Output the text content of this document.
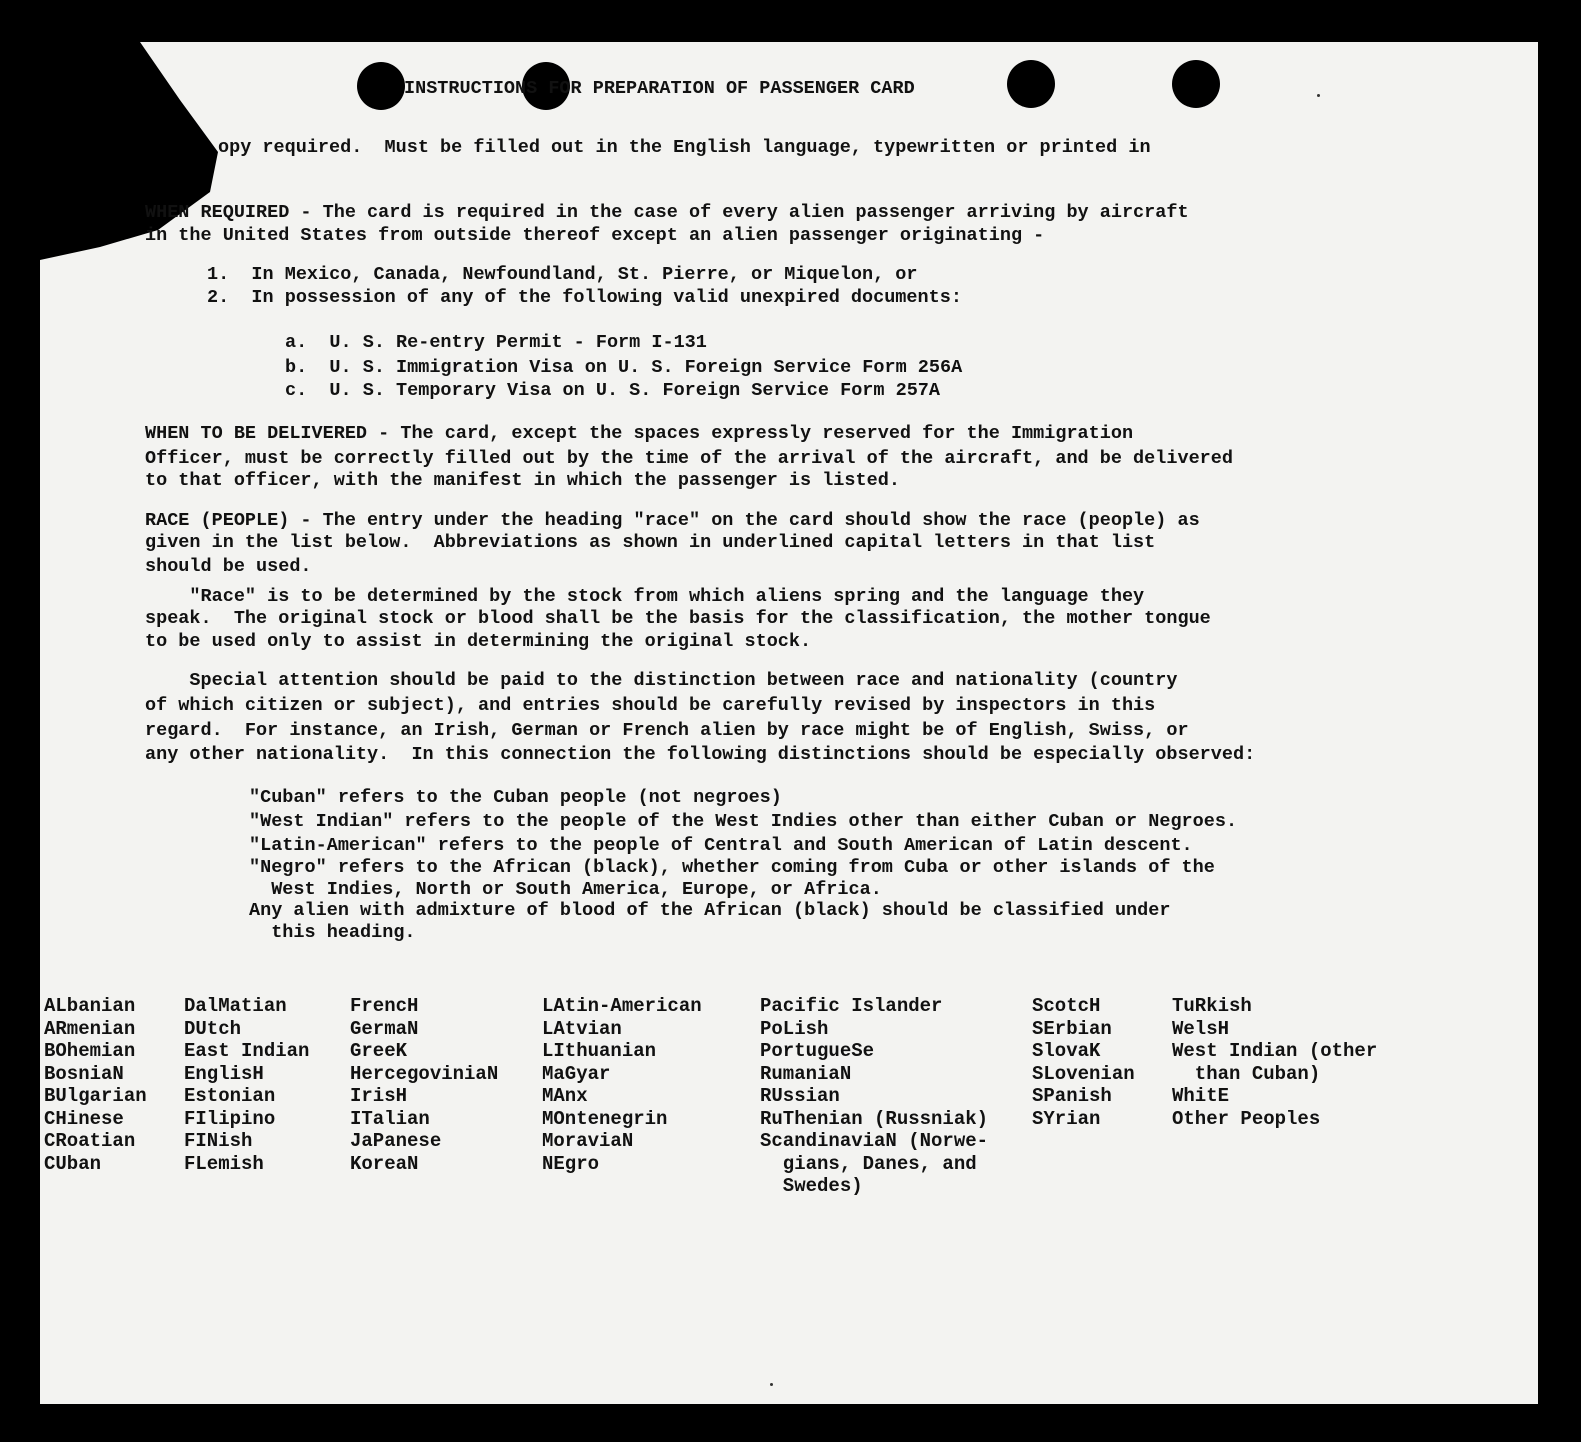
INSTRUCTIONS FOR PREPARATION OF PASSENGER CARD
opy required.  Must be filled out in the English language, typewritten or printed in
WHEN REQUIRED - The card is required in the case of every alien passenger arriving by aircraft
in the United States from outside thereof except an alien passenger originating -
1.  In Mexico, Canada, Newfoundland, St. Pierre, or Miquelon, or
2.  In possession of any of the following valid unexpired documents:
a.  U. S. Re-entry Permit - Form I-131
b.  U. S. Immigration Visa on U. S. Foreign Service Form 256A
c.  U. S. Temporary Visa on U. S. Foreign Service Form 257A
WHEN TO BE DELIVERED - The card, except the spaces expressly reserved for the Immigration
Officer, must be correctly filled out by the time of the arrival of the aircraft, and be delivered
to that officer, with the manifest in which the passenger is listed.
RACE (PEOPLE) - The entry under the heading "race" on the card should show the race (people) as
given in the list below.  Abbreviations as shown in underlined capital letters in that list
should be used.
"Race" is to be determined by the stock from which aliens spring and the language they
speak.  The original stock or blood shall be the basis for the classification, the mother tongue
to be used only to assist in determining the original stock.
Special attention should be paid to the distinction between race and nationality (country
of which citizen or subject), and entries should be carefully revised by inspectors in this
regard.  For instance, an Irish, German or French alien by race might be of English, Swiss, or
any other nationality.  In this connection the following distinctions should be especially observed:
"Cuban" refers to the Cuban people (not negroes)
"West Indian" refers to the people of the West Indies other than either Cuban or Negroes.
"Latin-American" refers to the people of Central and South American of Latin descent.
"Negro" refers to the African (black), whether coming from Cuba or other islands of the
West Indies, North or South America, Europe, or Africa.
Any alien with admixture of blood of the African (black) should be classified under
this heading.
ALbanian
ARmenian
BOhemian
BosniaN
BUlgarian
CHinese
CRoatian
CUban
DalMatian
DUtch
East Indian
EnglisH
Estonian
FIlipino
FINish
FLemish
FrencH
GermaN
GreeK
HercegoviniaN
IrisH
ITalian
JaPanese
KoreaN
LAtin-American
LAtvian
LIthuanian
MaGyar
MAnx
MOntenegrin
MoraviaN
NEgro
Pacific Islander
PoLish
PortugueSe
RumaniaN
RUssian
RuThenian (Russniak)
ScandinaviaN (Norwe-
gians, Danes, and
Swedes)
ScotcH
SErbian
SlovaK
SLovenian
SPanish
SYrian
TuRkish
WelsH
West Indian (other
than Cuban)
WhitE
Other Peoples
